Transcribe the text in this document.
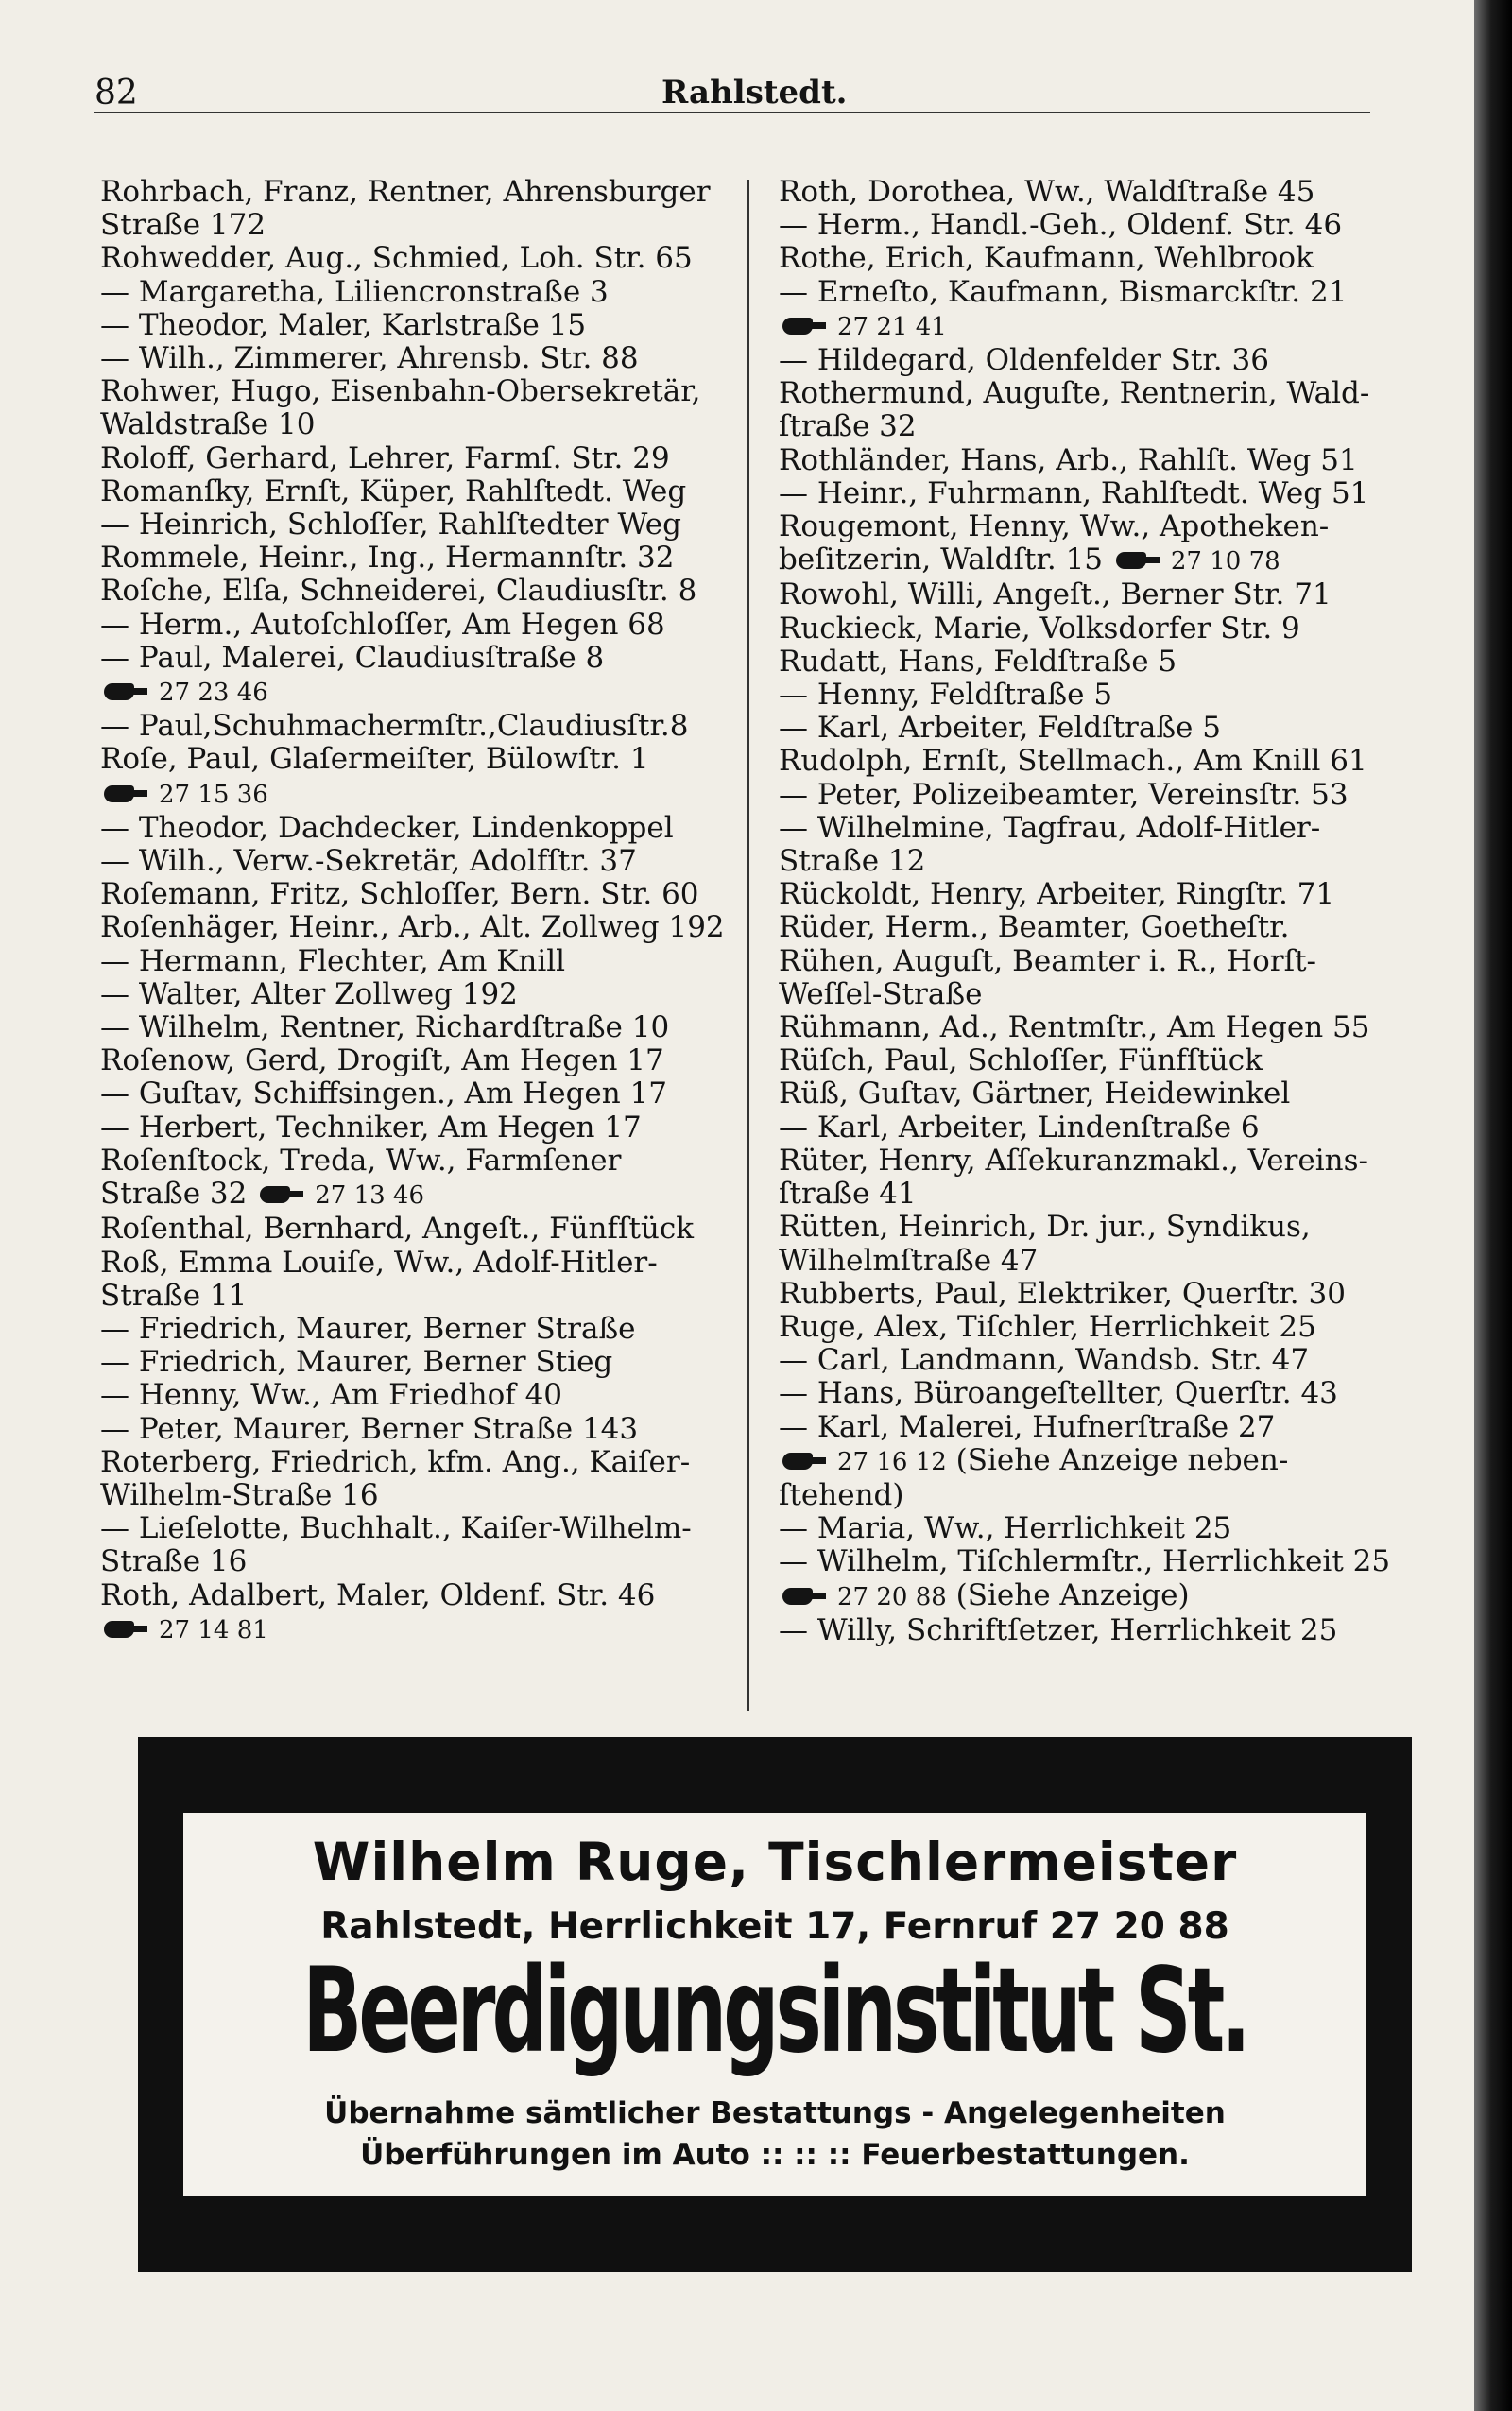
82	Rahlstedt.
Rohrbach, Franz, Rentner, Ahrensburger
Straße 172
Rohwedder, Aug., Schmied, Loh. Str. 65
— Margaretha, Liliencronstraße 3
— Theodor, Maler, Karlstraße 15
— Wilh., Zimmerer, Ahrensb. Str. 88
Rohwer, Hugo, Eisenbahn-Obersekretär,
Waldstraße 10
Roloff, Gerhard, Lehrer, Farmſ. Str. 29
Romanſky, Ernſt, Küper, Rahlſtedt. Weg
— Heinrich, Schloſſer, Rahlſtedter Weg
Rommele, Heinr., Ing., Hermannſtr. 32
Roſche, Elſa, Schneiderei, Claudiusſtr. 8
— Herm., Autoſchloſſer, Am Hegen 68
— Paul, Malerei, Claudiusſtraße 8
27 23 46
— Paul,Schuhmachermſtr.,Claudiusſtr.8
Roſe, Paul, Glaſermeiſter, Bülowſtr. 1
27 15 36
— Theodor, Dachdecker, Lindenkoppel
— Wilh., Verw.-Sekretär, Adolfſtr. 37
Roſemann, Fritz, Schloſſer, Bern. Str. 60
Roſenhäger, Heinr., Arb., Alt. Zollweg 192
— Hermann, Flechter, Am Knill
— Walter, Alter Zollweg 192
— Wilhelm, Rentner, Richardſtraße 10
Roſenow, Gerd, Drogiſt, Am Hegen 17
— Guſtav, Schiffsingen., Am Hegen 17
— Herbert, Techniker, Am Hegen 17
Roſenſtock, Treda, Ww., Farmſener
Straße 32	27 13 46
Roſenthal, Bernhard, Angeſt., Fünfſtück
Roß, Emma Louiſe, Ww., Adolf-Hitler-
Straße 11
— Friedrich, Maurer, Berner Straße
— Friedrich, Maurer, Berner Stieg
— Henny, Ww., Am Friedhof 40
— Peter, Maurer, Berner Straße 143
Roterberg, Friedrich, kfm. Ang., Kaiſer-
Wilhelm-Straße 16
— Lieſelotte, Buchhalt., Kaiſer-Wilhelm-
Straße 16
Roth, Adalbert, Maler, Oldenf. Str. 46
27 14 81
Roth, Dorothea, Ww., Waldſtraße 45
— Herm., Handl.-Geh., Oldenf. Str. 46
Rothe, Erich, Kaufmann, Wehlbrook
— Erneſto, Kaufmann, Bismarckſtr. 21
27 21 41
— Hildegard, Oldenfelder Str. 36
Rothermund, Auguſte, Rentnerin, Wald-
ſtraße 32
Rothländer, Hans, Arb., Rahlſt. Weg 51
— Heinr., Fuhrmann, Rahlſtedt. Weg 51
Rougemont, Henny, Ww., Apotheken-
beſitzerin, Waldſtr. 15	27 10 78
Rowohl, Willi, Angeſt., Berner Str. 71
Ruckieck, Marie, Volksdorfer Str. 9
Rudatt, Hans, Feldſtraße 5
— Henny, Feldſtraße 5
— Karl, Arbeiter, Feldſtraße 5
Rudolph, Ernſt, Stellmach., Am Knill 61
— Peter, Polizeibeamter, Vereinsſtr. 53
— Wilhelmine, Tagfrau, Adolf-Hitler-
Straße 12
Rückoldt, Henry, Arbeiter, Ringſtr. 71
Rüder, Herm., Beamter, Goetheſtr.
Rühen, Auguſt, Beamter i. R., Horſt-
Weſſel-Straße
Rühmann, Ad., Rentmſtr., Am Hegen 55
Rüſch, Paul, Schloſſer, Fünfſtück
Rüß, Guſtav, Gärtner, Heidewinkel
— Karl, Arbeiter, Lindenſtraße 6
Rüter, Henry, Aſſekuranzmakl., Vereins-
ſtraße 41
Rütten, Heinrich, Dr. jur., Syndikus,
Wilhelmſtraße 47
Rubberts, Paul, Elektriker, Querſtr. 30
Ruge, Alex, Tiſchler, Herrlichkeit 25
— Carl, Landmann, Wandsb. Str. 47
— Hans, Büroangeſtellter, Querſtr. 43
— Karl, Malerei, Hufnerſtraße 27
27 16 12 (Siehe Anzeige neben-
ſtehend)
— Maria, Ww., Herrlichkeit 25
— Wilhelm, Tiſchlermſtr., Herrlichkeit 25
27 20 88 (Siehe Anzeige)
— Willy, Schriftſetzer, Herrlichkeit 25
Wilhelm Ruge, Tischlermeister
Rahlstedt, Herrlichkeit 17, Fernruf 27 20 88
Beerdigungsinstitut St.
Übernahme sämtlicher Bestattungs - Angelegenheiten
Überführungen im Auto :: :: :: Feuerbestattungen.
